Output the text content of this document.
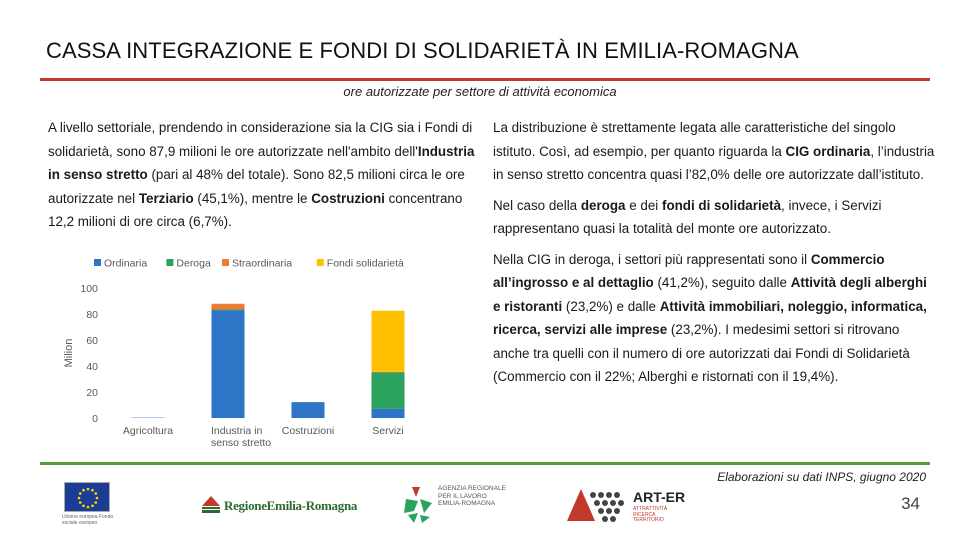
CASSA INTEGRAZIONE E FONDI DI SOLIDARIETÀ IN EMILIA-ROMAGNA
ore autorizzate per settore di attività economica

A livello settoriale, prendendo in considerazione sia la CIG sia i Fondi di solidarietà, sono 87,9 milioni le ore autorizzate nell'ambito dell'Industria in senso stretto (pari al 48% del totale). Sono 82,5 milioni circa le ore autorizzate nel Terziario (45,1%), mentre le Costruzioni concentrano 12,2 milioni di ore circa (6,7%).

Ordinaria	Deroga Straordinaria	Fondi solidarietà
Milion
0
20
40
60
80
100
Agricoltura	Industria in
senso stretto
Costruzioni	Servizi

La distribuzione è strettamente legata alle caratteristiche del singolo istituto. Così, ad esempio, per quanto riguarda la CIG ordinaria, l’industria in senso stretto concentra quasi l’82,0% delle ore autorizzate dall’istituto.

Nel caso della deroga e dei fondi di solidarietà, invece, i Servizi rappresentano quasi la totalità del monte ore autorizzato.

Nella CIG in deroga, i settori più rappresentati sono il Commercio all’ingrosso e al dettaglio (41,2%), seguito dalle Attività degli alberghi e ristoranti (23,2%) e dalle Attività immobiliari, noleggio, informatica, ricerca, servizi alle imprese (23,2%). I medesimi settori si ritrovano anche tra quelli con il numero di ore autorizzati dai Fondi di Solidarietà (Commercio con il 22%; Alberghi e ristornati con il 19,4%).

Elaborazioni su dati INPS, giugno 2020
34
Unione europea Fondo sociale europeo
RegioneEmilia-Romagna
AGENZIA REGIONALE PER IL LAVORO EMILIA-ROMAGNA	ART-ER
ATTRATTIVITÀ RICERCA TERRITORIO
